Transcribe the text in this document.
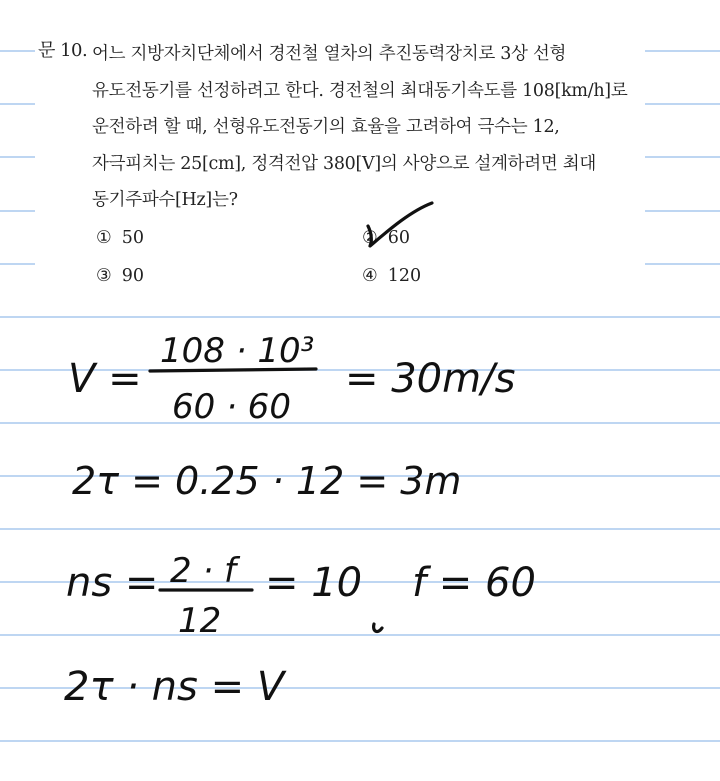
문 10. 어느 지방자치단체에서 경전철 열차의 추진동력장치로 3상 선형
유도전동기를 선정하려고 한다. 경전철의 최대동기속도를 108[km/h]로
운전하려 할 때, 선형유도전동기의 효율을 고려하여 극수는 12,
자극피치는 25[cm], 정격전압 380[V]의 사양으로 설계하려면 최대
동기주파수[Hz]는?
① 50	② 60
③ 90	④ 120
V =
108 · 10³
60 · 60
= 30m/s
2τ = 0.25 · 12 = 3m
ns = 2 · f
12
= 10 f = 60
2τ · ns = V
